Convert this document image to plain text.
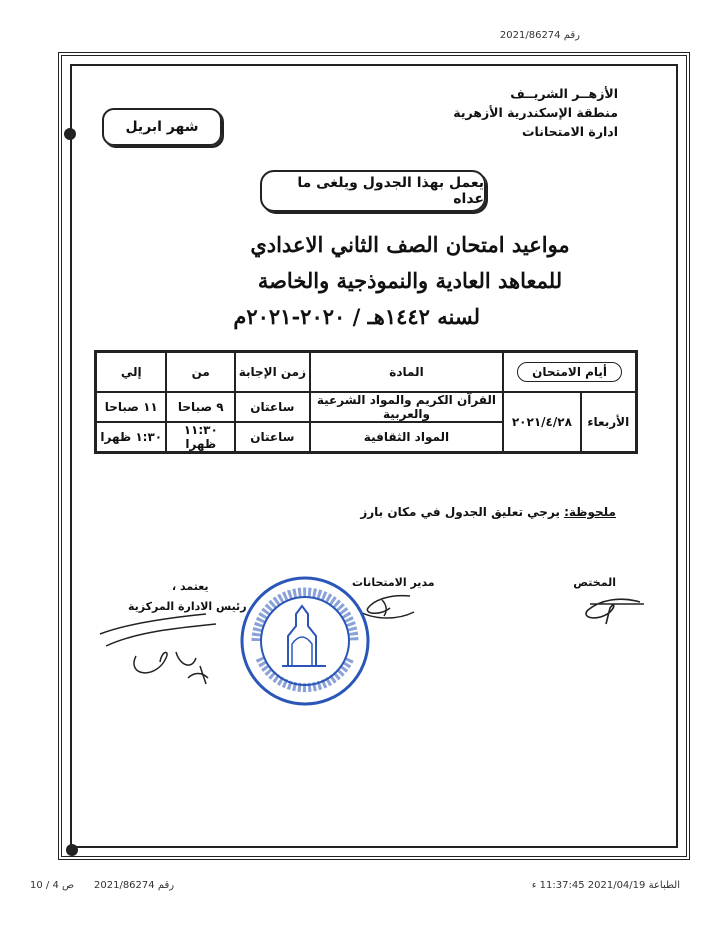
رقم 2021/86274
الأزهــر الشريــف
منطقة الإسكندرية الأزهرية
ادارة الامتحانات
شهر ابريل
يعمل بهذا الجدول ويلغى ما عداه
مواعيد امتحان الصف الثاني الاعدادي
للمعاهد العادية والنموذجية والخاصة
لسنه ١٤٤٢هـ / ٢٠٢٠-٢٠٢١م
أيام الامتحان		المادة	زمن الإجابة	من	إلي
الأربعاء	٢٠٢١/٤/٢٨	القرآن الكريم والمواد الشرعية والعربية	ساعتان	٩ صباحا	١١ صباحا
		المواد الثقافية	ساعتان	١١:٣٠ ظهرا	١:٣٠ ظهرا
ملحوظة: يرجي تعليق الجدول في مكان بارز
المختص
مدير الامتحانات
يعتمد ،
رئيس الادارة المركزية
الطباعة 2021/04/19 11:37:45 ﺀ
رقم 2021/86274
ص 4 / 10
